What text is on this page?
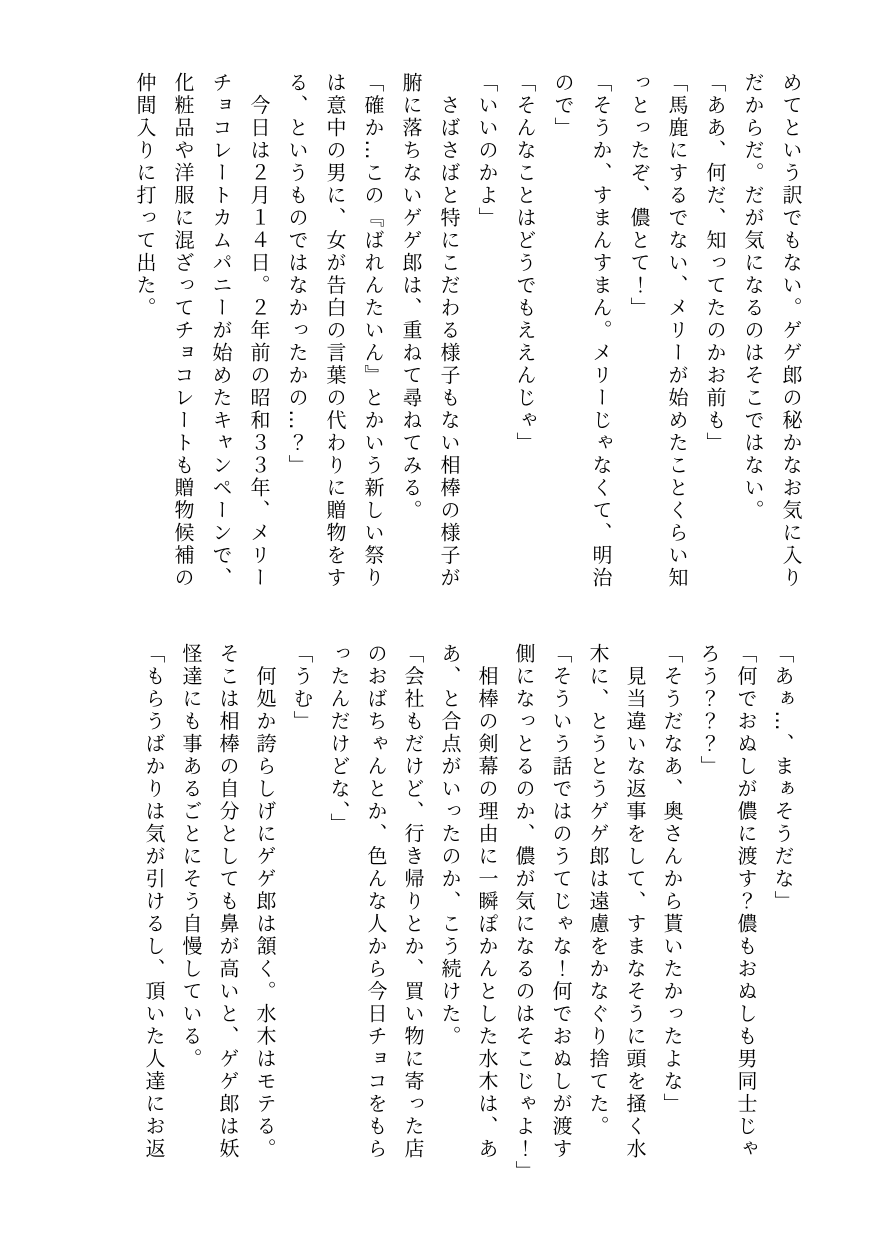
めてという訳でもない。ゲゲ郎の秘かなお気に入り
だからだ。だが気になるのはそこではない。
「ああ、何だ、知ってたのかお前も」
「馬鹿にするでない、メリーが始めたことくらい知
っとったぞ、儂とて！」
「そうか、すまんすまん。メリーじゃなくて、明治
ので」
「そんなことはどうでもええんじゃ」
「いいのかよ」
　さばさばと特にこだわる様子もない相棒の様子が
腑に落ちないゲゲ郎は、重ねて尋ねてみる。
「確か…この『ばれんたいん』とかいう新しい祭り
は意中の男に、女が告白の言葉の代わりに贈物をす
る、というものではなかったかの…？」
　今日は２月１４日。２年前の昭和３３年、メリー
チョコレートカムパニーが始めたキャンペーンで、
化粧品や洋服に混ざってチョコレートも贈物候補の
仲間入りに打って出た。
「あぁ…、まぁそうだな」
「何でおぬしが儂に渡す？儂もおぬしも男同士じゃ
ろう？？？」
「そうだなあ、奥さんから貰いたかったよな」
　見当違いな返事をして、すまなそうに頭を掻く水
木に、とうとうゲゲ郎は遠慮をかなぐり捨てた。
「そういう話ではのうてじゃな！何でおぬしが渡す
側になっとるのか、儂が気になるのはそこじゃよ！」
　相棒の剣幕の理由に一瞬ぽかんとした水木は、あ
あ、と合点がいったのか、こう続けた。
「会社もだけど、行き帰りとか、買い物に寄った店
のおばちゃんとか、色んな人から今日チョコをもら
ったんだけどな、」
「うむ」
　何処か誇らしげにゲゲ郎は頷く。水木はモテる。
そこは相棒の自分としても鼻が高いと、ゲゲ郎は妖
怪達にも事あるごとにそう自慢している。
「もらうばかりは気が引けるし、頂いた人達にお返
